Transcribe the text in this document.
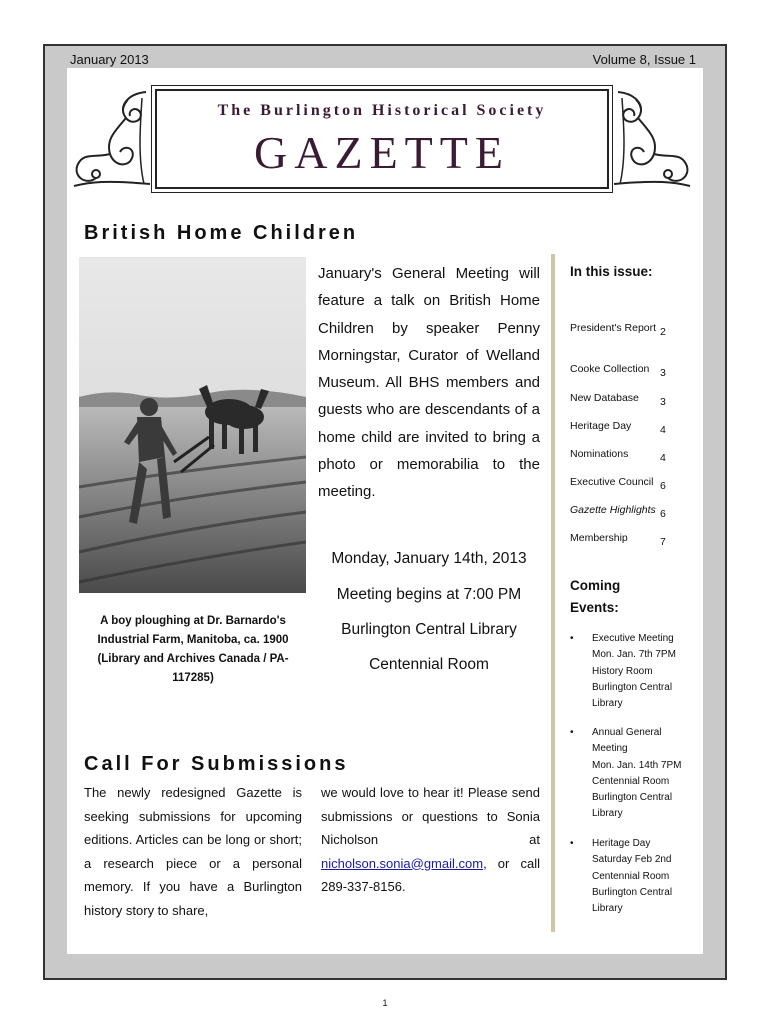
January 2013	Volume 8, Issue 1
The Burlington Historical Society
GAZETTE
British Home Children
A boy ploughing at Dr. Barnardo's Industrial Farm, Manitoba, ca. 1900 (Library and Archives Canada / PA-117285)
January's General Meeting will feature a talk on British Home Children by speaker Penny Morningstar, Curator of Welland Museum. All BHS members and guests who are descendants of a home child are invited to bring a photo or memorabilia to the meeting.
Monday, January 14th, 2013
Meeting begins at 7:00 PM
Burlington Central Library
Centennial Room
Call For Submissions
The newly redesigned Gazette is seeking submissions for upcoming editions. Articles can be long or short; a research piece or a personal memory. If you have a Burlington history story to share,
we would love to hear it! Please send submissions or questions to Sonia Nicholson at nicholson.sonia@gmail.com, or call 289-337-8156.
In this issue:
President's Report 2
Cooke Collection 3
New Database 3
Heritage Day	4
Nominations	4
Executive Council 6
Gazette Highlights 6
Membership	7
Coming Events:
• Executive Meeting
Mon. Jan. 7th 7PM
History Room
Burlington Central Library
• Annual General Meeting
Mon. Jan. 14th 7PM
Centennial Room
Burlington Central Library
• Heritage Day
Saturday Feb 2nd
Centennial Room
Burlington Central Library
1
